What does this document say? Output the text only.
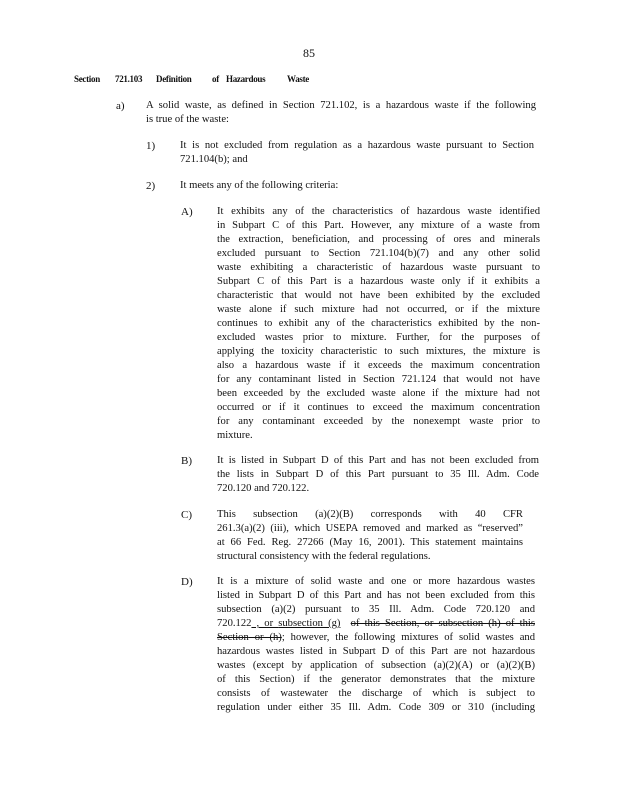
85
Section 721.103 Definition of Hazardous Waste
a) A solid waste, as defined in Section 721.102, is a hazardous waste if the following
is true of the waste:
1) It is not excluded from regulation as a hazardous waste pursuant to Section
721.104(b); and
2) It meets any of the following criteria:
A) It exhibits any of the characteristics of hazardous waste identified
in Subpart C of this Part. However, any mixture of a waste from
the extraction, beneficiation, and processing of ores and minerals
excluded pursuant to Section 721.104(b)(7) and any other solid
waste exhibiting a characteristic of hazardous waste pursuant to
Subpart C of this Part is a hazardous waste only if it exhibits a
characteristic that would not have been exhibited by the excluded
waste alone if such mixture had not occurred, or if the mixture
continues to exhibit any of the characteristics exhibited by the non-
excluded wastes prior to mixture. Further, for the purposes of
applying the toxicity characteristic to such mixtures, the mixture is
also a hazardous waste if it exceeds the maximum concentration
for any contaminant listed in Section 721.124 that would not have
been exceeded by the excluded waste alone if the mixture had not
occurred or if it continues to exceed the maximum concentration
for any contaminant exceeded by the nonexempt waste prior to
mixture.
B) It is listed in Subpart D of this Part and has not been excluded from
the lists in Subpart D of this Part pursuant to 35 Ill. Adm. Code
720.120 and 720.122.
C) This subsection (a)(2)(B) corresponds with 40 CFR
261.3(a)(2) (iii), which USEPA removed and marked as “reserved”
at 66 Fed. Reg. 27266 (May 16, 2001). This statement maintains
structural consistency with the federal regulations.
D) It is a mixture of solid waste and one or more hazardous wastes
listed in Subpart D of this Part and has not been excluded from this
subsection (a)(2) pursuant to 35 Ill. Adm. Code 720.120 and
720.122 , or subsection (g) of this Section, or subsection (h) of this
Section or (h); however, the following mixtures of solid wastes and
hazardous wastes listed in Subpart D of this Part are not hazardous
wastes (except by application of subsection (a)(2)(A) or (a)(2)(B)
of this Section) if the generator demonstrates that the mixture
consists of wastewater the discharge of which is subject to
regulation under either 35 Ill. Adm. Code 309 or 310 (including
